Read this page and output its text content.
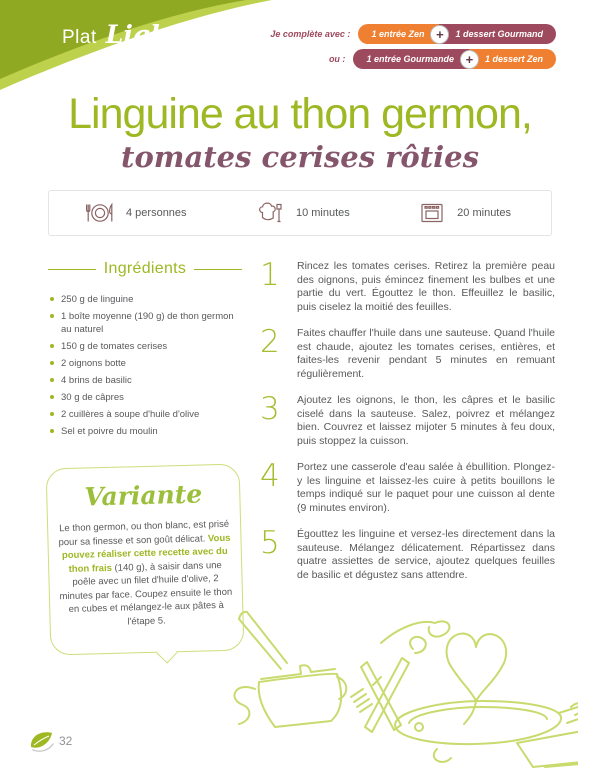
Plat Light	Je complète avec :	1 entrée Zen +	1 dessert Gourmand
ou :	1 entrée Gourmande +	1 dessert Zen
Linguine au thon germon,
tomates cerises rôties
4 personnes	10 minutes	20 minutes
Ingrédients
250 g de linguine
1 boîte moyenne (190 g) de thon germon au naturel
150 g de tomates cerises
2 oignons botte
4 brins de basilic
30 g de câpres
2 cuillères à soupe d'huile d'olive
Sel et poivre du moulin
Variante

Le thon germon, ou thon blanc, est prisé pour sa finesse et son goût délicat. Vous pouvez réaliser cette recette avec du thon frais (140 g), à saisir dans une poêle avec un filet d'huile d'olive, 2 minutes par face. Coupez ensuite le thon en cubes et mélangez-le aux pâtes à l'étape 5.

1 Rincez les tomates cerises. Retirez la première peau des oignons, puis émincez finement les bulbes et une partie du vert. Égouttez le thon. Effeuillez le basilic, puis ciselez la moitié des feuilles.

2 Faites chauffer l'huile dans une sauteuse. Quand l'huile est chaude, ajoutez les tomates cerises, entières, et faites-les revenir pendant 5 minutes en remuant régulièrement.

3 Ajoutez les oignons, le thon, les câpres et le basilic ciselé dans la sauteuse. Salez, poivrez et mélangez bien. Couvrez et laissez mijoter 5 minutes à feu doux, puis stoppez la cuisson.

4 Portez une casserole d'eau salée à ébullition. Plongez-y les linguine et laissez-les cuire à petits bouillons le temps indiqué sur le paquet pour une cuisson al dente (9 minutes environ).

5 Égouttez les linguine et versez-les directement dans la sauteuse. Mélangez délicatement. Répartissez dans quatre assiettes de service, ajoutez quelques feuilles de basilic et dégustez sans attendre.

32
